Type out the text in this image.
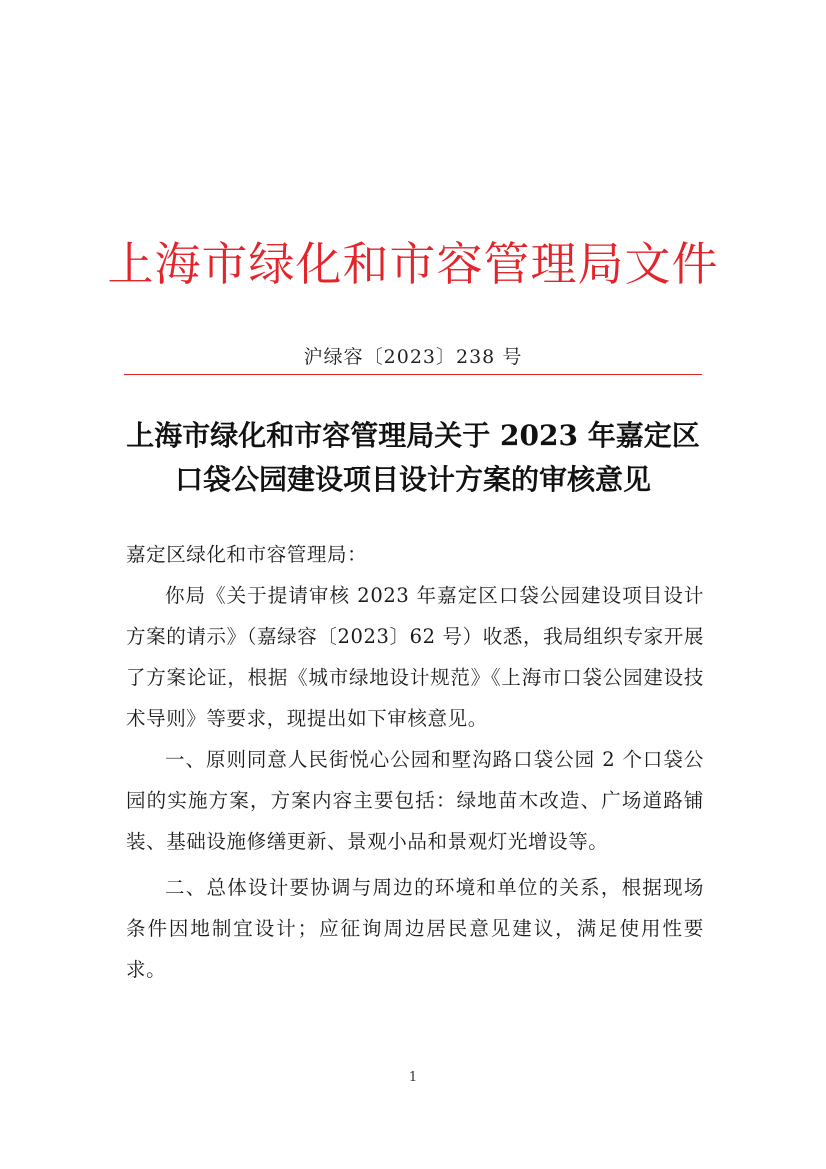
上海市绿化和市容管理局文件
沪绿容〔2023〕238 号
上海市绿化和市容管理局关于 2023 年嘉定区
口袋公园建设项目设计方案的审核意见

嘉定区绿化和市容管理局：

你局《关于提请审核 2023 年嘉定区口袋公园建设项目设计方案的请示》（嘉绿容〔2023〕62 号）收悉，我局组织专家开展了方案论证，根据《城市绿地设计规范》《上海市口袋公园建设技术导则》等要求，现提出如下审核意见。

一、原则同意人民街悦心公园和墅沟路口袋公园 2 个口袋公园的实施方案，方案内容主要包括：绿地苗木改造、广场道路铺装、基础设施修缮更新、景观小品和景观灯光增设等。

二、总体设计要协调与周边的环境和单位的关系，根据现场条件因地制宜设计；应征询周边居民意见建议，满足使用性要求。

1
